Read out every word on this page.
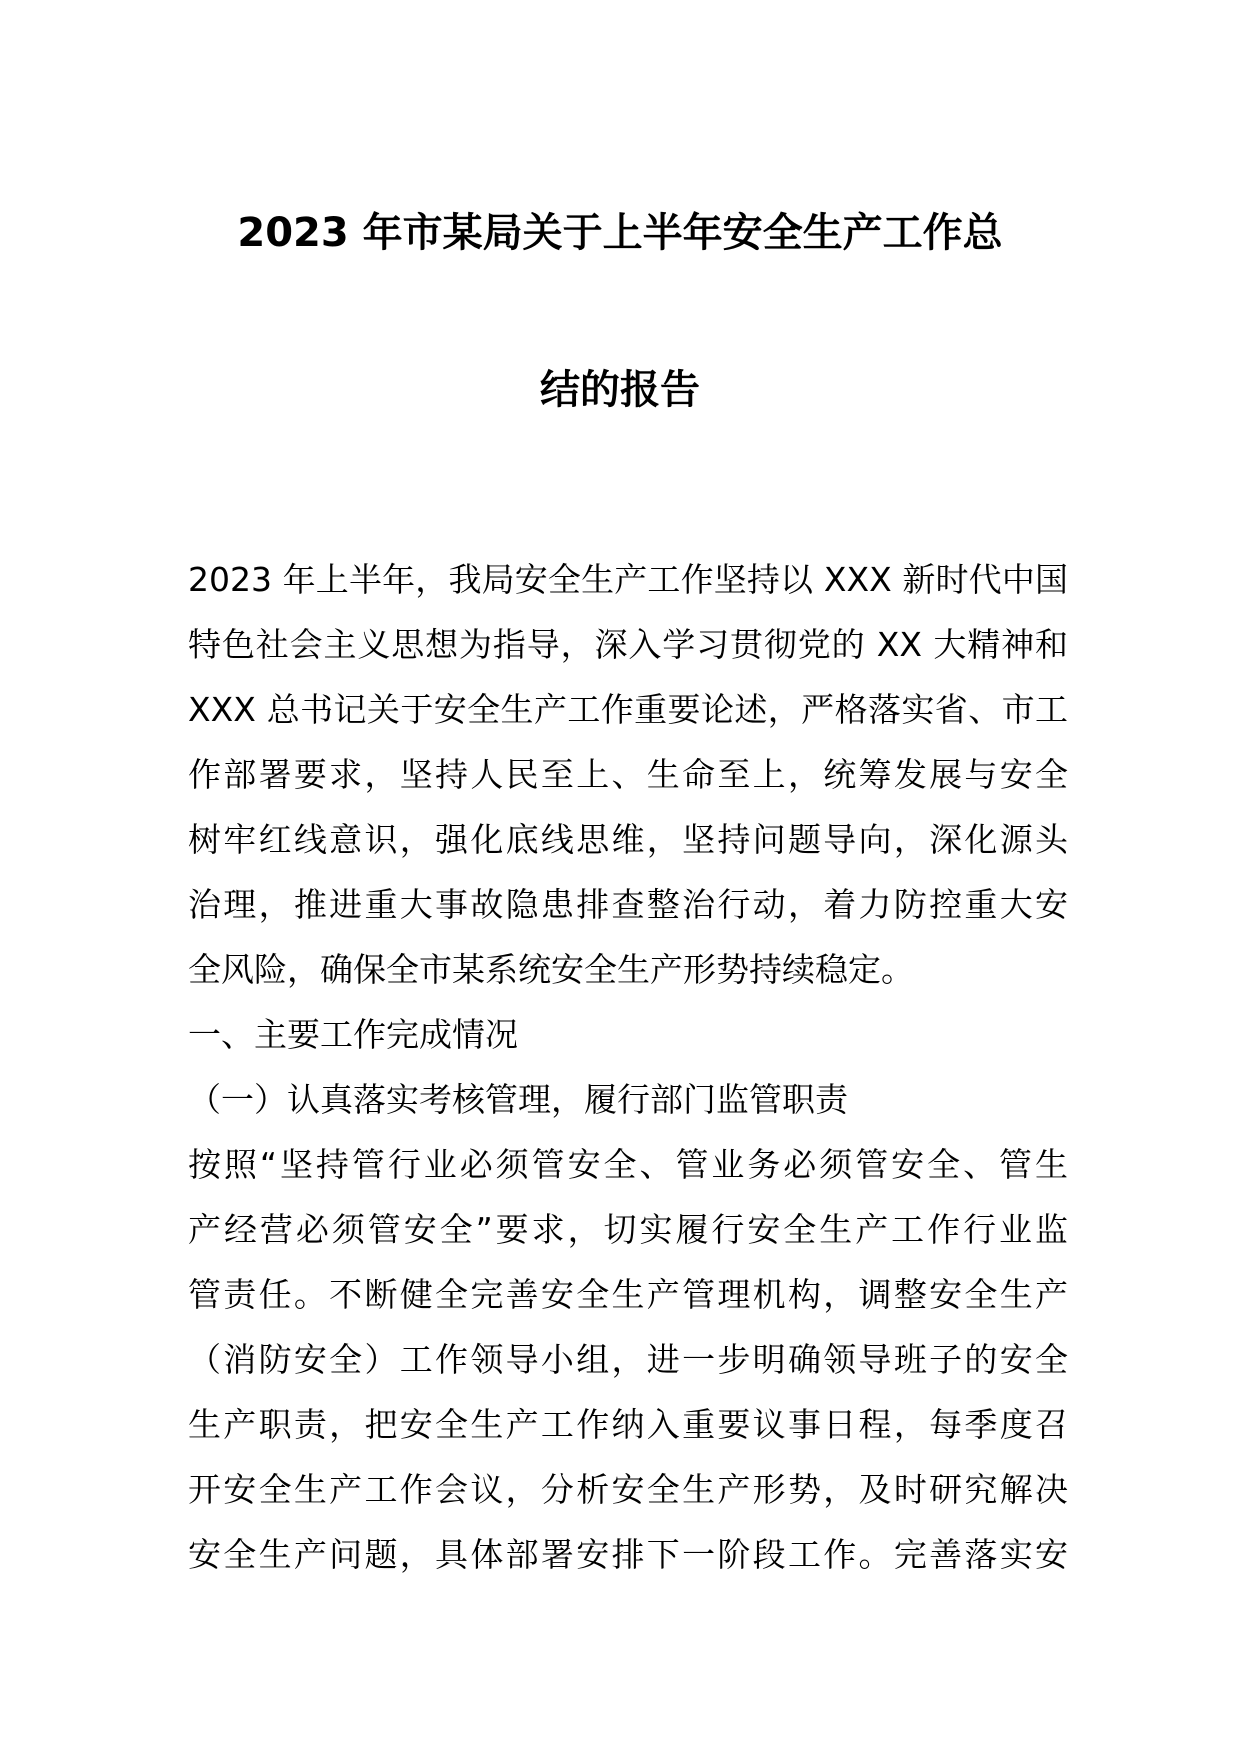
2023 年市某局关于上半年安全生产工作总
结的报告

2023 年上半年，我局安全生产工作坚持以 XXX 新时代中国

特色社会主义思想为指导，深入学习贯彻党的 XX 大精神和

XXX 总书记关于安全生产工作重要论述，严格落实省、市工

作部署要求，坚持人民至上、生命至上，统筹发展与安全

树牢红线意识，强化底线思维，坚持问题导向，深化源头

治理，推进重大事故隐患排查整治行动，着力防控重大安

全风险，确保全市某系统安全生产形势持续稳定。

一、主要工作完成情况

（一）认真落实考核管理，履行部门监管职责

按照“坚持管行业必须管安全、管业务必须管安全、管生

产经营必须管安全”要求，切实履行安全生产工作行业监

管责任。不断健全完善安全生产管理机构，调整安全生产

（消防安全）工作领导小组，进一步明确领导班子的安全

生产职责，把安全生产工作纳入重要议事日程，每季度召

开安全生产工作会议，分析安全生产形势，及时研究解决

安全生产问题，具体部署安排下一阶段工作。完善落实安
